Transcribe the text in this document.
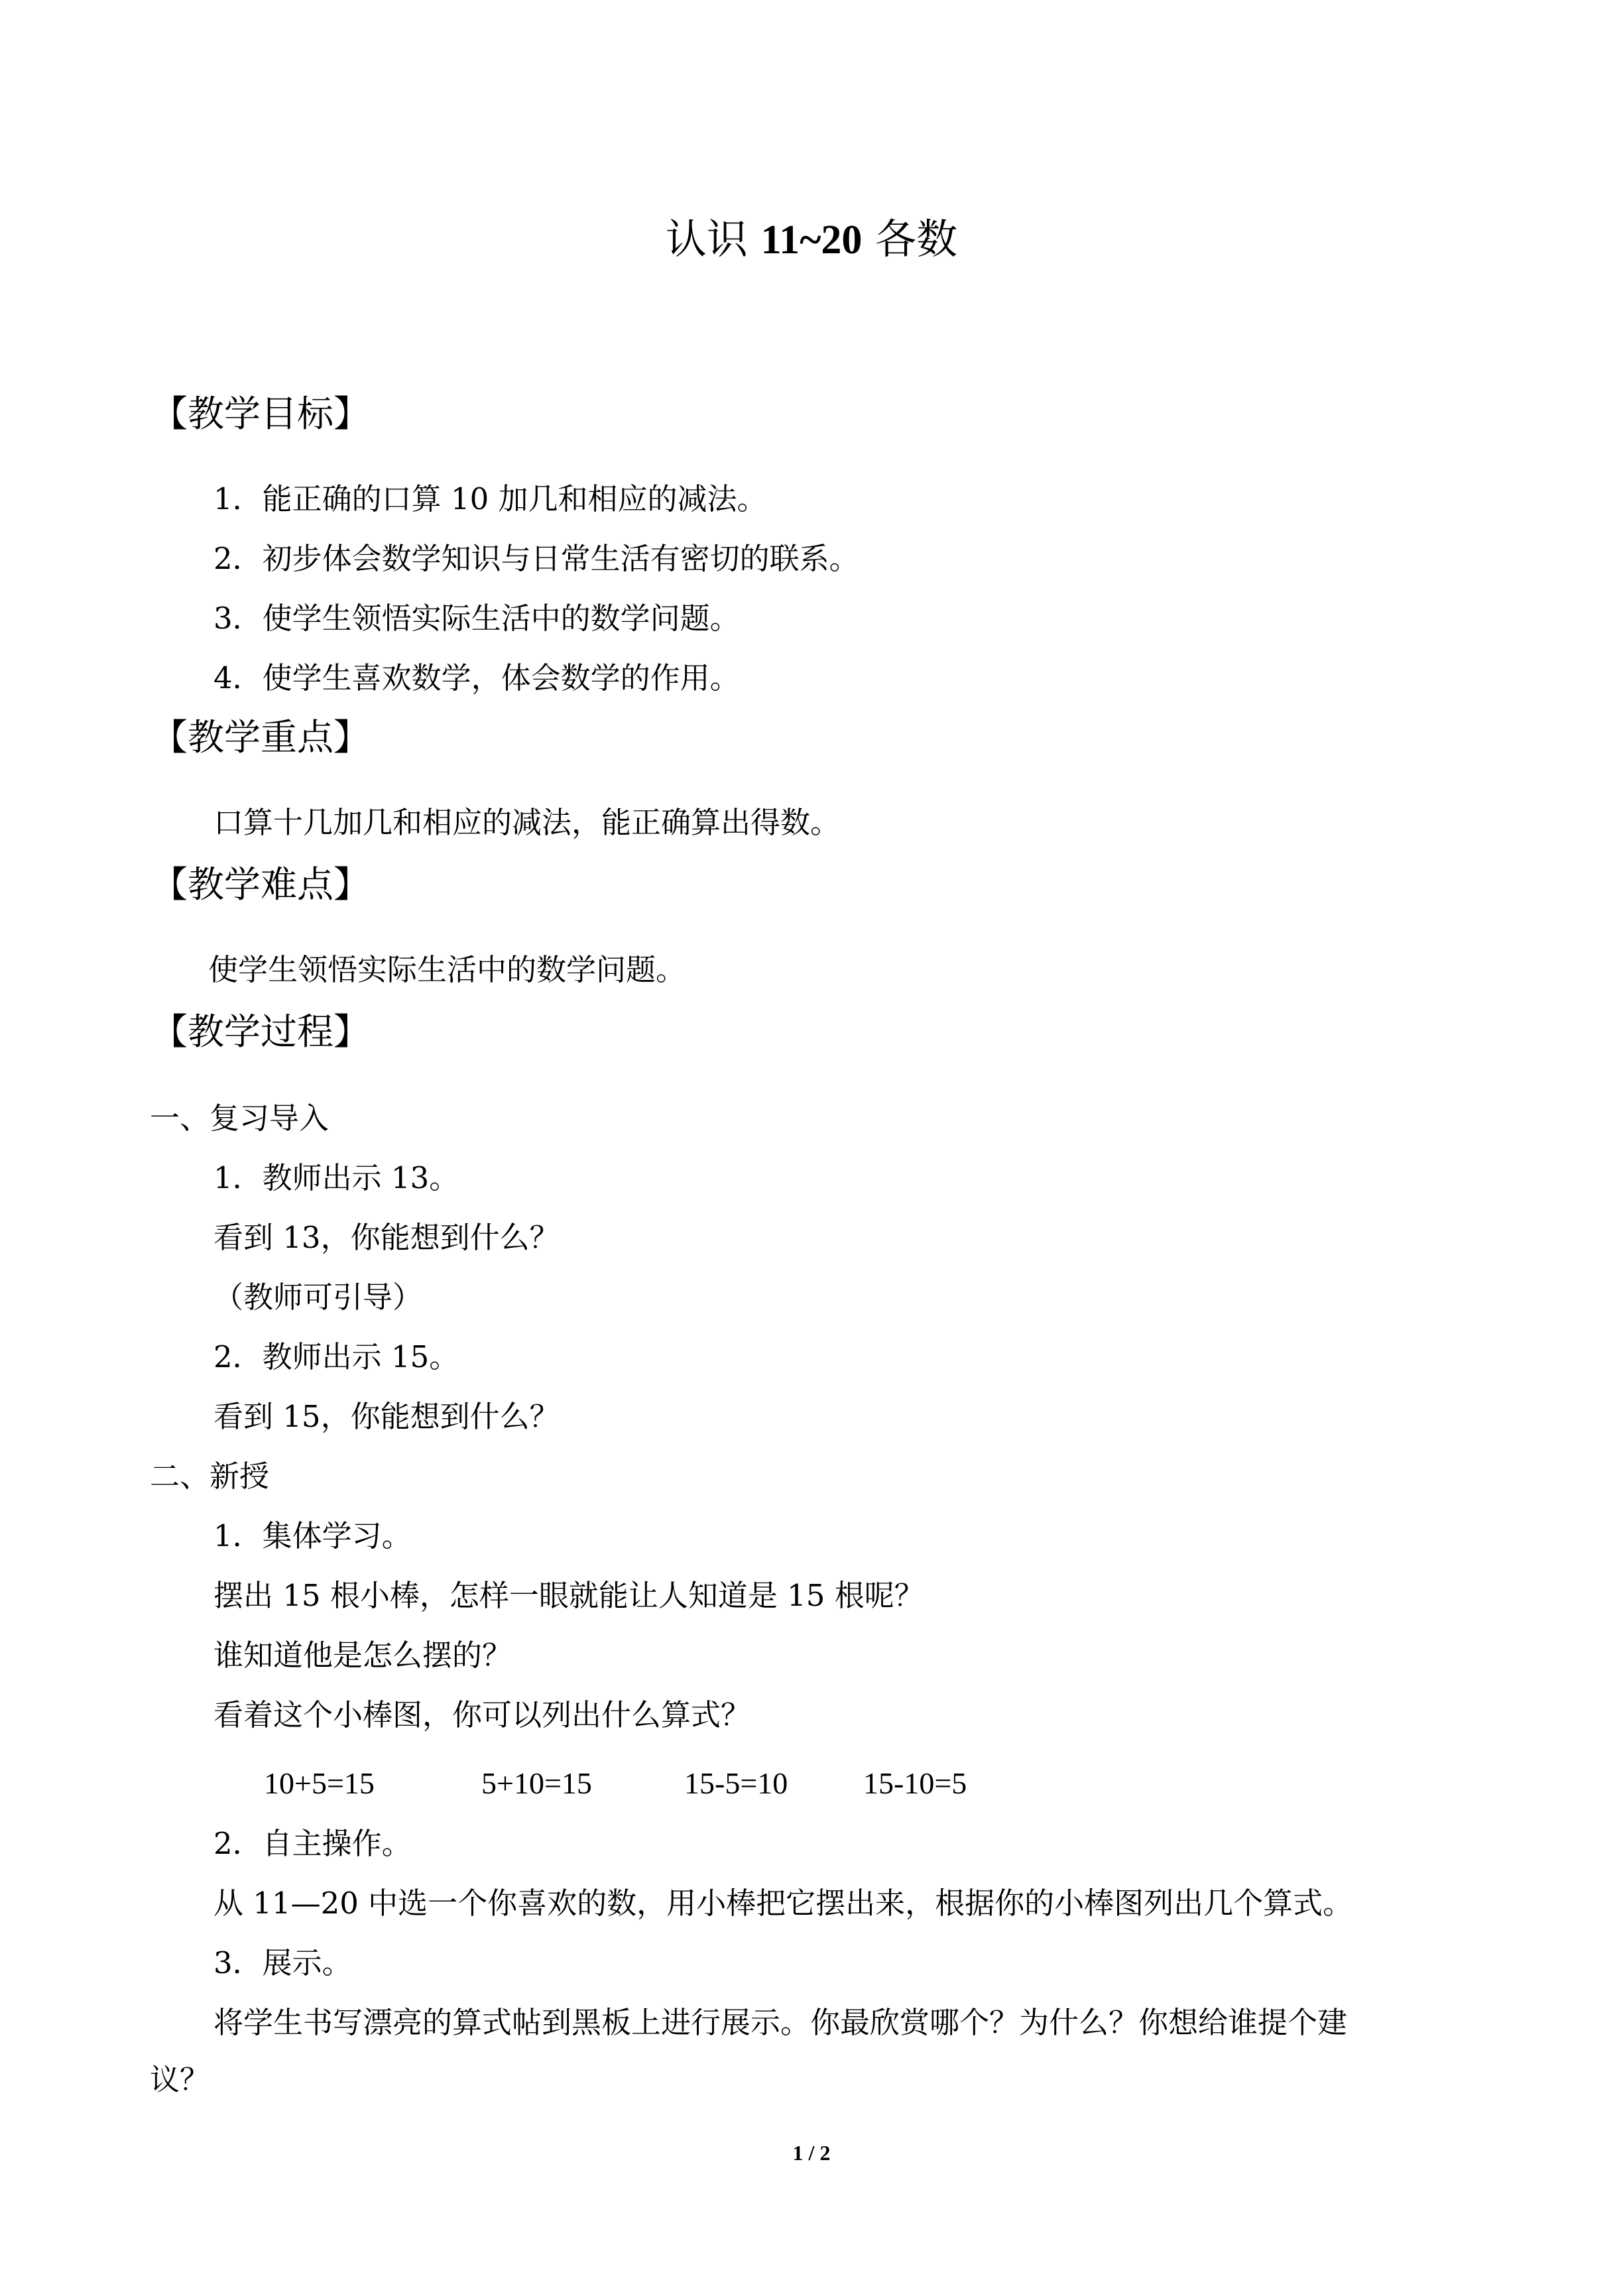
认识 11~20 各数
【教学目标】
1．能正确的口算 10 加几和相应的减法。
2．初步体会数学知识与日常生活有密切的联系。
3．使学生领悟实际生活中的数学问题。
4．使学生喜欢数学，体会数学的作用。
【教学重点】
口算十几加几和相应的减法，能正确算出得数。
【教学难点】
使学生领悟实际生活中的数学问题。
【教学过程】
一、复习导入
1．教师出示 13。
看到 13，你能想到什么？
（教师可引导）
2．教师出示 15。
看到 15，你能想到什么？
二、新授
1．集体学习。
摆出 15 根小棒，怎样一眼就能让人知道是 15 根呢？
谁知道他是怎么摆的？
看着这个小棒图，你可以列出什么算式？
10+5=15	5+10=15	15-5=10 15-10=5
2．自主操作。
从 11—20 中选一个你喜欢的数，用小棒把它摆出来，根据你的小棒图列出几个算式。
3．展示。
将学生书写漂亮的算式帖到黑板上进行展示。你最欣赏哪个？为什么？你想给谁提个建
议？
1 / 2
